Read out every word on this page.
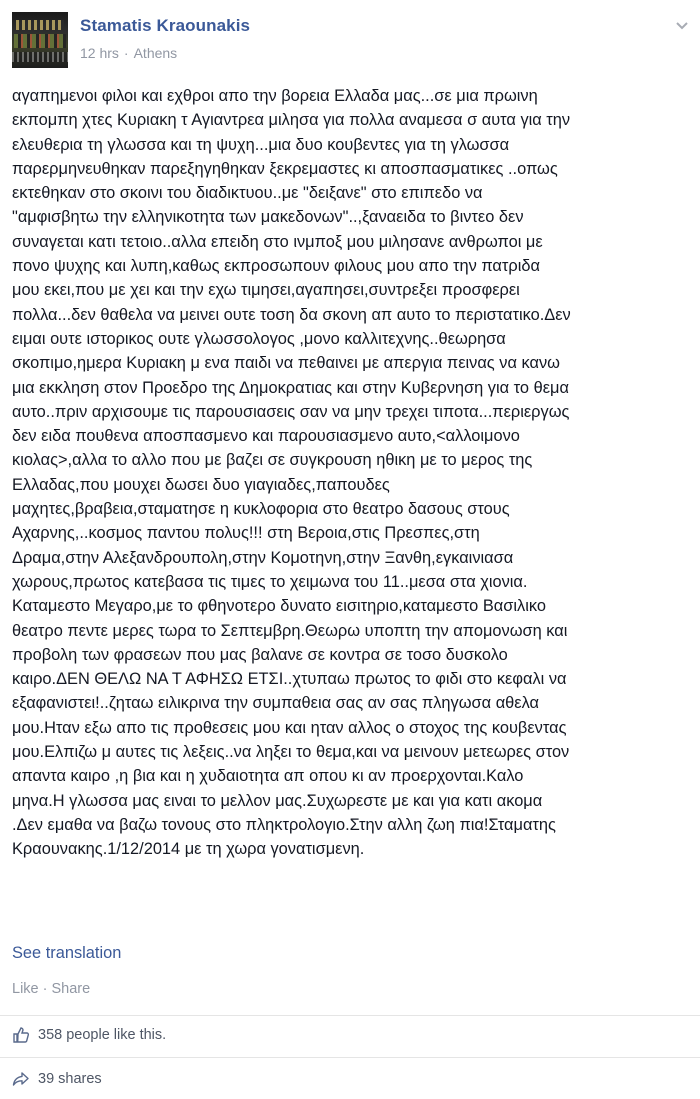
Stamatis Kraounakis
12 hrs · Athens
αγαπημενοι φιλοι και εχθροι απο την βορεια Ελλαδα μας...σε μια πρωινη
εκπομπη χτες Κυριακη τ Αγιαντρεα μιλησα για πολλα αναμεσα σ αυτα για την
ελευθερια τη γλωσσα και τη ψυχη...μια δυο κουβεντες για τη γλωσσα
παρερμηνευθηκαν παρεξηγηθηκαν ξεκρεμαστες κι αποσπασματικες ..οπως
εκτεθηκαν στο σκοινι του διαδικτυου..με "δειξανε" στο επιπεδο να
"αμφισβητω την ελληνικοτητα των μακεδονων"..,ξαναειδα το βιντεο δεν
συναγεται κατι τετοιο..αλλα επειδη στο ινμποξ μου μιλησανε ανθρωποι με
πονο ψυχης και λυπη,καθως εκπροσωπουν φιλους μου απο την πατριδα
μου εκει,που με χει και την εχω τιμησει,αγαπησει,συντρεξει προσφερει
πολλα...δεν θαθελα να μεινει ουτε τοση δα σκονη απ αυτο το περιστατικο.Δεν
ειμαι ουτε ιστορικος ουτε γλωσσολογος ,μονο καλλιτεχνης..θεωρησα
σκοπιμο,ημερα Κυριακη μ ενα παιδι να πεθαινει με απεργια πεινας να κανω
μια εκκληση στον Προεδρο της Δημοκρατιας και στην Κυβερνηση για το θεμα
αυτο..πριν αρχισουμε τις παρουσιασεις σαν να μην τρεχει τιποτα...περιεργως
δεν ειδα πουθενα αποσπασμενο και παρουσιασμενο αυτο,<αλλοιμονο
κιολας>,αλλα το αλλο που με βαζει σε συγκρουση ηθικη με το μερος της
Ελλαδας,που μουχει δωσει δυο γιαγιαδες,παπουδες
μαχητες,βραβεια,σταματησε η κυκλοφορια στο θεατρο δασους στους
Αχαρνης,..κοσμος παντου πολυς!!! στη Βεροια,στις Πρεσπες,στη
Δραμα,στην Αλεξανδρουπολη,στην Κομοτηνη,στην Ξανθη,εγκαινιασα
χωρους,πρωτος κατεβασα τις τιμες το χειμωνα του 11..μεσα στα χιονια.
Καταμεστο Μεγαρο,με το φθηνοτερο δυνατο εισιτηριο,καταμεστο Βασιλικο
θεατρο πεντε μερες τωρα το Σεπτεμβρη.Θεωρω υποπτη την απομονωση και
προβολη των φρασεων που μας βαλανε σε κοντρα σε τοσο δυσκολο
καιρο.ΔΕΝ ΘΕΛΩ ΝΑ Τ ΑΦΗΣΩ ΕΤΣΙ..χτυπαω πρωτος το φιδι στο κεφαλι να
εξαφανιστει!..ζηταω ειλικρινα την συμπαθεια σας αν σας πληγωσα αθελα
μου.Ηταν εξω απο τις προθεσεις μου και ηταν αλλος ο στοχος της κουβεντας
μου.Ελπιζω μ αυτες τις λεξεις..να ληξει το θεμα,και να μεινουν μετεωρες στον
απαντα καιρο ,η βια και η χυδαιοτητα απ οπου κι αν προερχονται.Καλο
μηνα.Η γλωσσα μας ειναι το μελλον μας.Συχωρεστε με και για κατι ακομα
.Δεν εμαθα να βαζω τονους στο πληκτρολογιο.Στην αλλη ζωη πια!Σταματης
Κραουνακης.1/12/2014 με τη χωρα γονατισμενη.
See translation
Like · Share
358 people like this.
39 shares
